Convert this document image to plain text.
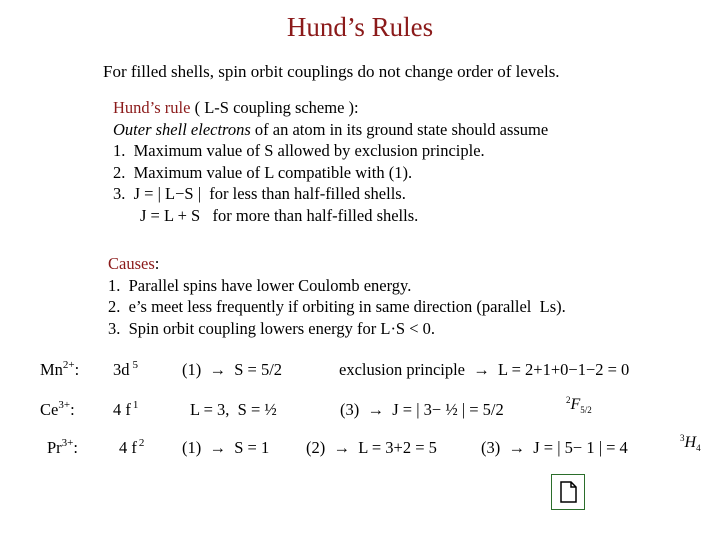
Hund’s Rules
For filled shells, spin orbit couplings do not change order of levels.
Hund’s rule ( L-S coupling scheme ):
Outer shell electrons of an atom in its ground state should assume
1.  Maximum value of S allowed by exclusion principle.
2.  Maximum value of L compatible with (1).
3.  J = | L−S |  for less than half-filled shells.
J = L + S   for more than half-filled shells.
Causes:
1.  Parallel spins have lower Coulomb energy.
2.  e’s meet less frequently if orbiting in same direction (parallel  Ls).
3.  Spin orbit coupling lowers energy for L·S < 0.
$Mn^{2+}$: 3d $^5$	(1)  →  S = 5/2	exclusion principle  →  L = 2+1+0−1−2 = 0
$Ce^{3+}$: 4 f $^1$	L = 3,  S = ½	(3)  →  J = | 3− ½ | = 5/2	$^2F_{5/2}$
$Pr^{3+}$: 4 f $^2$ (1)  →  S = 1 (2)  →  L = 3+2 = 5	(3)  →  J = | 5− 1 | = 4	$^3H_4$
